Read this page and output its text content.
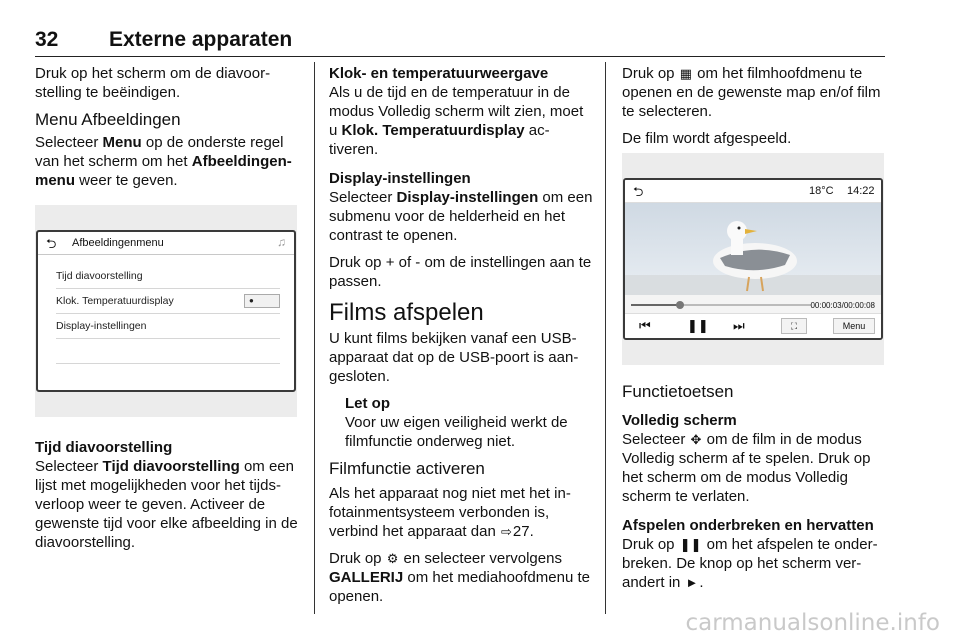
32 Externe apparaten

Druk op het scherm om de diavoor-stelling te beëindigen.

Menu Afbeeldingen

Selecteer Menu op de onderste regel van het scherm om het Afbeeldingen-menu weer te geven.

⮌ Afbeeldingenmenu	♫
Tijd diavoorstelling
Klok. Temperatuurdisplay	●
Display-instellingen
Tijd diavoorstelling

Selecteer Tijd diavoorstelling om een lijst met mogelijkheden voor het tijds-verloop weer te geven. Activeer de gewenste tijd voor elke afbeelding in de diavoorstelling.

Klok- en temperatuurweergave

Als u de tijd en de temperatuur in de modus Volledig scherm wilt zien, moet u Klok. Temperatuurdisplay ac-tiveren.

Display-instellingen

Selecteer Display-instellingen om een submenu voor de helderheid en het contrast te openen.

Druk op + of - om de instellingen aan te passen.

Films afspelen

U kunt films bekijken vanaf een USB-apparaat dat op de USB-poort is aan-gesloten.

Let op

Voor uw eigen veiligheid werkt de filmfunctie onderweg niet.

Filmfunctie activeren

Als het apparaat nog niet met het in-fotainmentsysteem verbonden is, verbind het apparaat dan ⇨27.

Druk op ⚙ en selecteer vervolgens GALLERIJ om het mediahoofdmenu te openen.

Druk op ▦ om het filmhoofdmenu te openen en de gewenste map en/of film te selecteren.

De film wordt afgespeeld.

⮌	18°C 14:22
00:00:03/00:00:08
⏮	❚❚ ⏭	⛶	Menu
Functietoetsen
Volledig scherm

Selecteer ✥ om de film in de modus Volledig scherm af te spelen. Druk op het scherm om de modus Volledig scherm te verlaten.

Afspelen onderbreken en hervatten

Druk op ❚❚ om het afspelen te onder-breken. De knop op het scherm ver-andert in ►.

carmanualsonline.info
